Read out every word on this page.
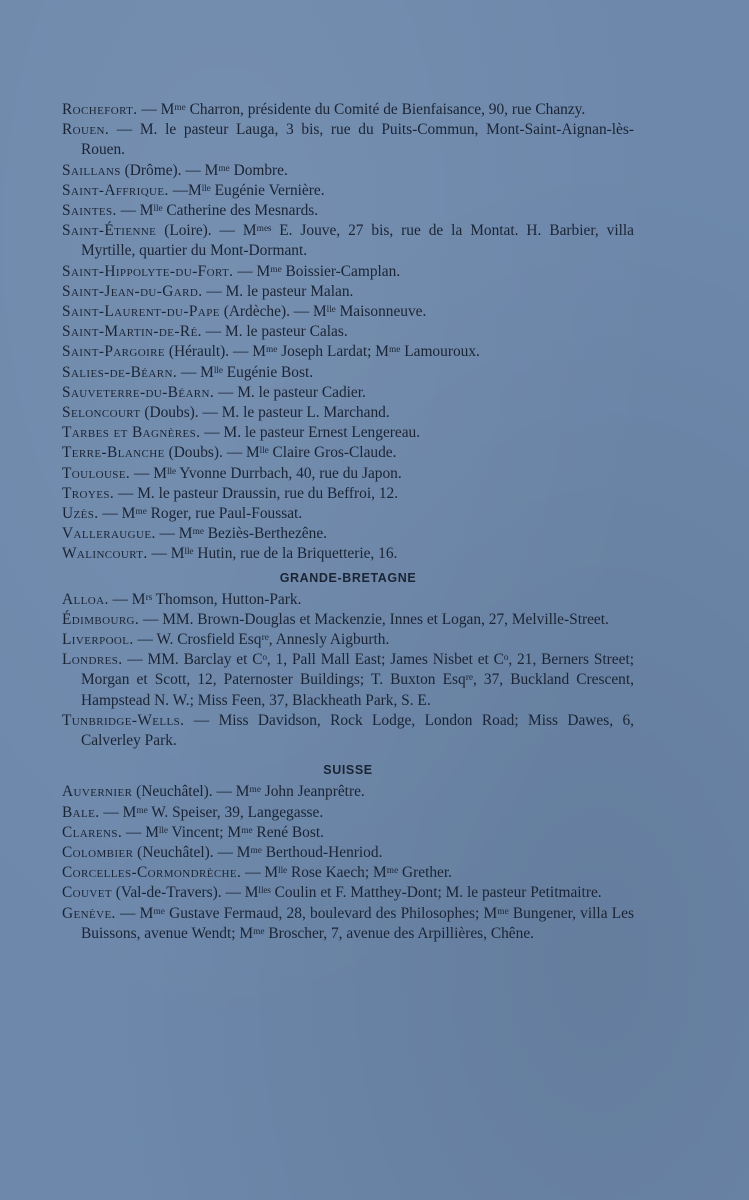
Rochefort. — Mᵐᵉ Charron, présidente du Comité de Bienfaisance, 90, rue Chanzy.
Rouen. — M. le pasteur Lauga, 3 bis, rue du Puits-Commun, Mont-Saint-Aignan-lès-Rouen.
Saillans (Drôme). — Mᵐᵉ Dombre.
Saint-Affrique. —Mˡˡᵉ Eugénie Vernière.
Saintes. — Mˡˡᵉ Catherine des Mesnards.
Saint-Étienne (Loire). — Mᵐᵉˢ E. Jouve, 27 bis, rue de la Montat. H. Barbier, villa Myrtille, quartier du Mont-Dormant.
Saint-Hippolyte-du-Fort. — Mᵐᵉ Boissier-Camplan.
Saint-Jean-du-Gard. — M. le pasteur Malan.
Saint-Laurent-du-Pape (Ardèche). — Mˡˡᵉ Maisonneuve.
Saint-Martin-de-Ré. — M. le pasteur Calas.
Saint-Pargoire (Hérault). — Mᵐᵉ Joseph Lardat; Mᵐᵉ Lamouroux.
Salies-de-Béarn. — Mˡˡᵉ Eugénie Bost.
Sauveterre-du-Béarn. — M. le pasteur Cadier.
Seloncourt (Doubs). — M. le pasteur L. Marchand.
Tarbes et Bagnères. — M. le pasteur Ernest Lengereau.
Terre-Blanche (Doubs). — Mˡˡᵉ Claire Gros-Claude.
Toulouse. — Mˡˡᵉ Yvonne Durrbach, 40, rue du Japon.
Troyes. — M. le pasteur Draussin, rue du Beffroi, 12.
Uzès. — Mᵐᵉ Roger, rue Paul-Foussat.
Valleraugue. — Mᵐᵉ Beziès-Berthezêne.
Walincourt. — Mˡˡᵉ Hutin, rue de la Briquetterie, 16.
GRANDE-BRETAGNE
Alloa. — Mʳˢ Thomson, Hutton-Park.
Édimbourg. — MM. Brown-Douglas et Mackenzie, Innes et Logan, 27, Melville-Street.
Liverpool. — W. Crosfield Esqʳᵉ, Annesly Aigburth.
Londres. — MM. Barclay et Cᵒ, 1, Pall Mall East; James Nisbet et Cᵒ, 21, Berners Street; Morgan et Scott, 12, Paternoster Buildings; T. Buxton Esqʳᵉ, 37, Buckland Crescent, Hampstead N. W.; Miss Feen, 37, Blackheath Park, S. E.
Tunbridge-Wells. — Miss Davidson, Rock Lodge, London Road; Miss Dawes, 6, Calverley Park.
SUISSE
Auvernier (Neuchâtel). — Mᵐᵉ John Jeanprêtre.
Bale. — Mᵐᵉ W. Speiser, 39, Langegasse.
Clarens. — Mˡˡᵉ Vincent; Mᵐᵉ René Bost.
Colombier (Neuchâtel). — Mᵐᵉ Berthoud-Henriod.
Corcelles-Cormondrèche. — Mˡˡᵉ Rose Kaech; Mᵐᵉ Grether.
Couvet (Val-de-Travers). — Mˡˡᵉˢ Coulin et F. Matthey-Dont; M. le pasteur Petitmaitre.
Genève. — Mᵐᵉ Gustave Fermaud, 28, boulevard des Philosophes; Mᵐᵉ Bungener, villa Les Buissons, avenue Wendt; Mᵐᵉ Broscher, 7, avenue des Arpillières, Chêne.
